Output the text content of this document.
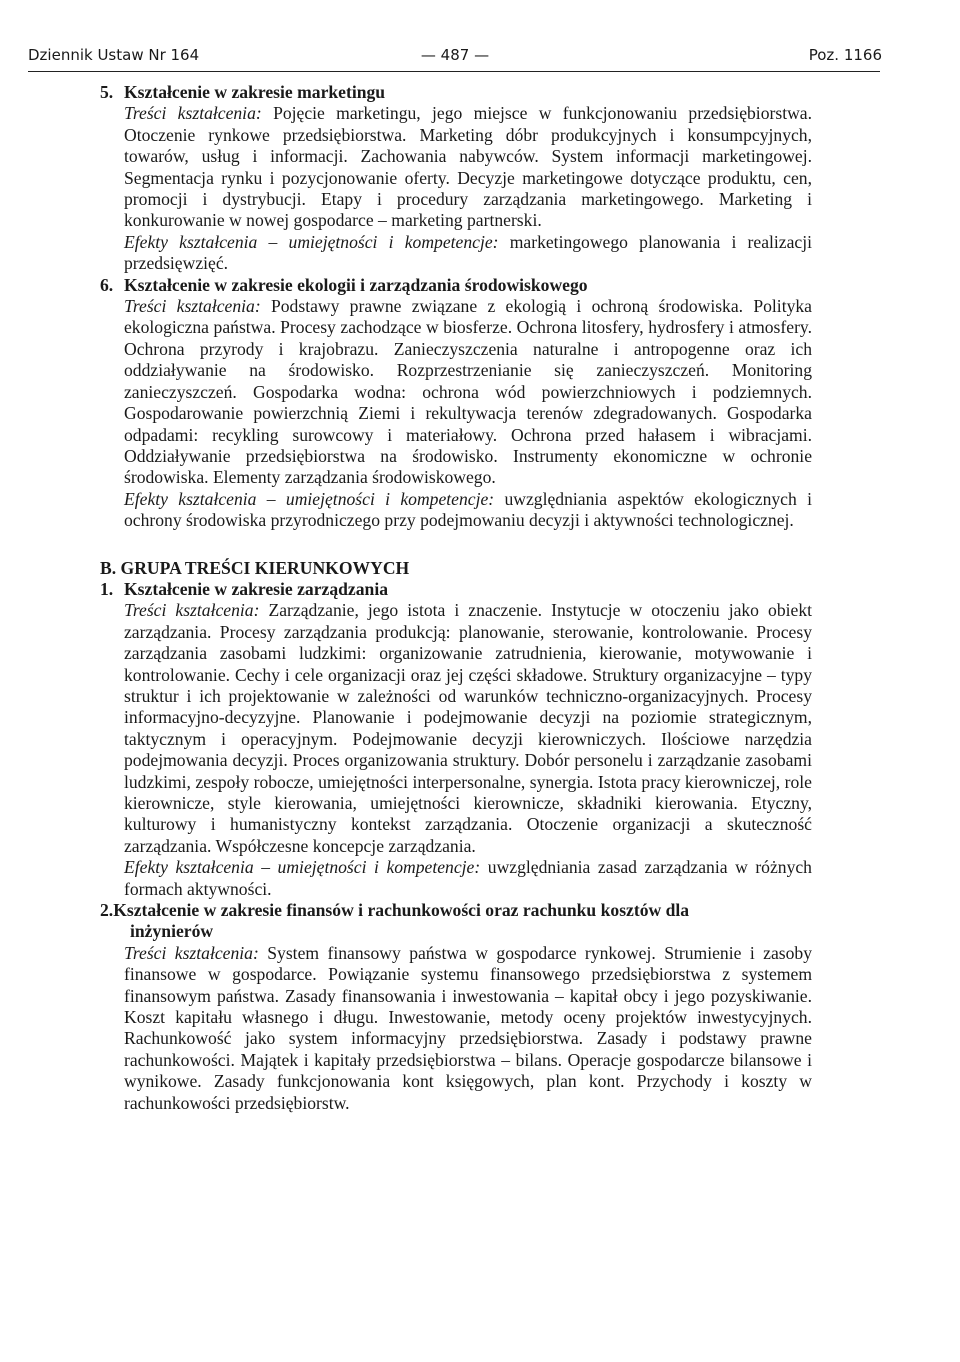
Dziennik Ustaw Nr 164	— 487 —	Poz. 1166

5. Kształcenie w zakresie marketingu

Treści kształcenia: Pojęcie marketingu, jego miejsce w funkcjonowaniu przedsiębiorstwa. Otoczenie rynkowe przedsiębiorstwa. Marketing dóbr produkcyjnych i konsumpcyjnych, towarów, usług i informacji. Zachowania nabywców. System informacji marketingowej. Segmentacja rynku i pozycjonowanie oferty. Decyzje marketingowe dotyczące produktu, cen, promocji i dystrybucji. Etapy i procedury zarządzania marketingowego. Marketing i konkurowanie w nowej gospodarce – marketing partnerski.

Efekty kształcenia – umiejętności i kompetencje: marketingowego planowania i realizacji przedsięwzięć.

6. Kształcenie w zakresie ekologii i zarządzania środowiskowego

Treści kształcenia: Podstawy prawne związane z ekologią i ochroną środowiska. Polityka ekologiczna państwa. Procesy zachodzące w biosferze. Ochrona litosfery, hydrosfery i atmosfery. Ochrona przyrody i krajobrazu. Zanieczyszczenia naturalne i antropogenne oraz ich oddziaływanie na środowisko. Rozprzestrzenianie się zanieczyszczeń. Monitoring zanieczyszczeń. Gospodarka wodna: ochrona wód powierzchniowych i podziemnych. Gospodarowanie powierzchnią Ziemi i rekultywacja terenów zdegradowanych. Gospodarka odpadami: recykling surowcowy i materiałowy. Ochrona przed hałasem i wibracjami. Oddziaływanie przedsiębiorstwa na środowisko. Instrumenty ekonomiczne w ochronie środowiska. Elementy zarządzania środowiskowego.

Efekty kształcenia – umiejętności i kompetencje: uwzględniania aspektów ekologicznych i ochrony środowiska przyrodniczego przy podejmowaniu decyzji i aktywności technologicznej.

B. GRUPA TREŚCI KIERUNKOWYCH

1. Kształcenie w zakresie zarządzania

Treści kształcenia: Zarządzanie, jego istota i znaczenie. Instytucje w otoczeniu jako obiekt zarządzania. Procesy zarządzania produkcją: planowanie, sterowanie, kontrolowanie. Procesy zarządzania zasobami ludzkimi: organizowanie zatrudnienia, kierowanie, motywowanie i kontrolowanie. Cechy i cele organizacji oraz jej części składowe. Struktury organizacyjne – typy struktur i ich projektowanie w zależności od warunków techniczno-organizacyjnych. Procesy informacyjno-decyzyjne. Planowanie i podejmowanie decyzji na poziomie strategicznym, taktycznym i operacyjnym. Podejmowanie decyzji kierowniczych. Ilościowe narzędzia podejmowania decyzji. Proces organizowania struktury. Dobór personelu i zarządzanie zasobami ludzkimi, zespoły robocze, umiejętności interpersonalne, synergia. Istota pracy kierowniczej, role kierownicze, style kierowania, umiejętności kierownicze, składniki kierowania. Etyczny, kulturowy i humanistyczny kontekst zarządzania. Otoczenie organizacji a skuteczność zarządzania. Współczesne koncepcje zarządzania.

Efekty kształcenia – umiejętności i kompetencje: uwzględniania zasad zarządzania w różnych formach aktywności.

2.Kształcenie w zakresie finansów i rachunkowości oraz rachunku kosztów dla

inżynierów

Treści kształcenia: System finansowy państwa w gospodarce rynkowej. Strumienie i zasoby finansowe w gospodarce. Powiązanie systemu finansowego przedsiębiorstwa z systemem finansowym państwa. Zasady finansowania i inwestowania – kapitał obcy i jego pozyskiwanie. Koszt kapitału własnego i długu. Inwestowanie, metody oceny projektów inwestycyjnych. Rachunkowość jako system informacyjny przedsiębiorstwa. Zasady i podstawy prawne rachunkowości. Majątek i kapitały przedsiębiorstwa – bilans. Operacje gospodarcze bilansowe i wynikowe. Zasady funkcjonowania kont księgowych, plan kont. Przychody i koszty w rachunkowości przedsiębiorstw.
